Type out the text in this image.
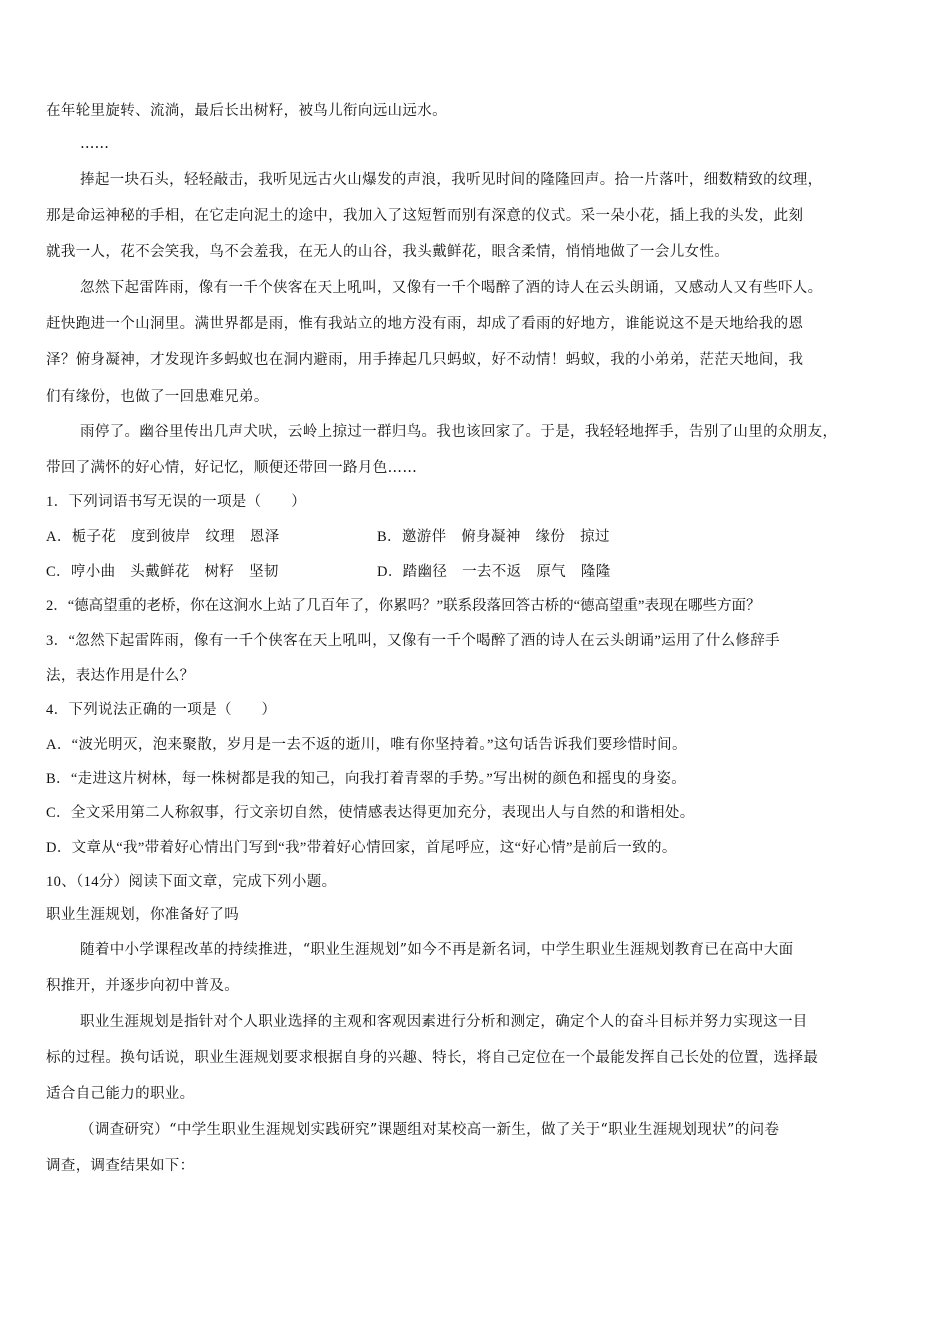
在年轮里旋转、流淌，最后长出树籽，被鸟儿衔向远山远水。
……
捧起一块石头，轻轻敲击，我听见远古火山爆发的声浪，我听见时间的隆隆回声。拾一片落叶，细数精致的纹理，
那是命运神秘的手相，在它走向泥土的途中，我加入了这短暂而别有深意的仪式。采一朵小花，插上我的头发，此刻
就我一人，花不会笑我，鸟不会羞我，在无人的山谷，我头戴鲜花，眼含柔情，悄悄地做了一会儿女性。
忽然下起雷阵雨，像有一千个侠客在天上吼叫，又像有一千个喝醉了酒的诗人在云头朗诵，又感动人又有些吓人。
赶快跑进一个山洞里。满世界都是雨，惟有我站立的地方没有雨，却成了看雨的好地方，谁能说这不是天地给我的恩
泽？俯身凝神，才发现许多蚂蚁也在洞内避雨，用手捧起几只蚂蚁，好不动情！蚂蚁，我的小弟弟，茫茫天地间，我
们有缘份，也做了一回患难兄弟。
雨停了。幽谷里传出几声犬吠，云岭上掠过一群归鸟。我也该回家了。于是，我轻轻地挥手，告别了山里的众朋友，
带回了满怀的好心情，好记忆，顺便还带回一路月色……
1．下列词语书写无误的一项是（　　）
A．栀子花　度到彼岸　纹理　恩泽	B．邀游伴　俯身凝神　缘份　掠过
C．哼小曲　头戴鲜花　树籽　坚韧	D．踏幽径　一去不返　原气　隆隆
2．“德高望重的老桥，你在这涧水上站了几百年了，你累吗？”联系段落回答古桥的“德高望重”表现在哪些方面？
3．“忽然下起雷阵雨，像有一千个侠客在天上吼叫，又像有一千个喝醉了酒的诗人在云头朗诵”运用了什么修辞手
法，表达作用是什么？
4．下列说法正确的一项是（　　）
A．“波光明灭，泡来聚散，岁月是一去不返的逝川，唯有你坚持着。”这句话告诉我们要珍惜时间。
B．“走进这片树林，每一株树都是我的知己，向我打着青翠的手势。”写出树的颜色和摇曳的身姿。
C．全文采用第二人称叙事，行文亲切自然，使情感表达得更加充分，表现出人与自然的和谐相处。
D．文章从“我”带着好心情出门写到“我”带着好心情回家，首尾呼应，这“好心情”是前后一致的。
10、（14分）阅读下面文章，完成下列小题。
职业生涯规划，你准备好了吗
随着中小学课程改革的持续推进，“职业生涯规划”如今不再是新名词，中学生职业生涯规划教育已在高中大面
积推开，并逐步向初中普及。
职业生涯规划是指针对个人职业选择的主观和客观因素进行分析和测定，确定个人的奋斗目标并努力实现这一目
标的过程。换句话说，职业生涯规划要求根据自身的兴趣、特长，将自己定位在一个最能发挥自己长处的位置，选择最
适合自己能力的职业。
（调查研究）“中学生职业生涯规划实践研究”课题组对某校高一新生，做了关于“职业生涯规划现状”的问卷
调查，调查结果如下：
